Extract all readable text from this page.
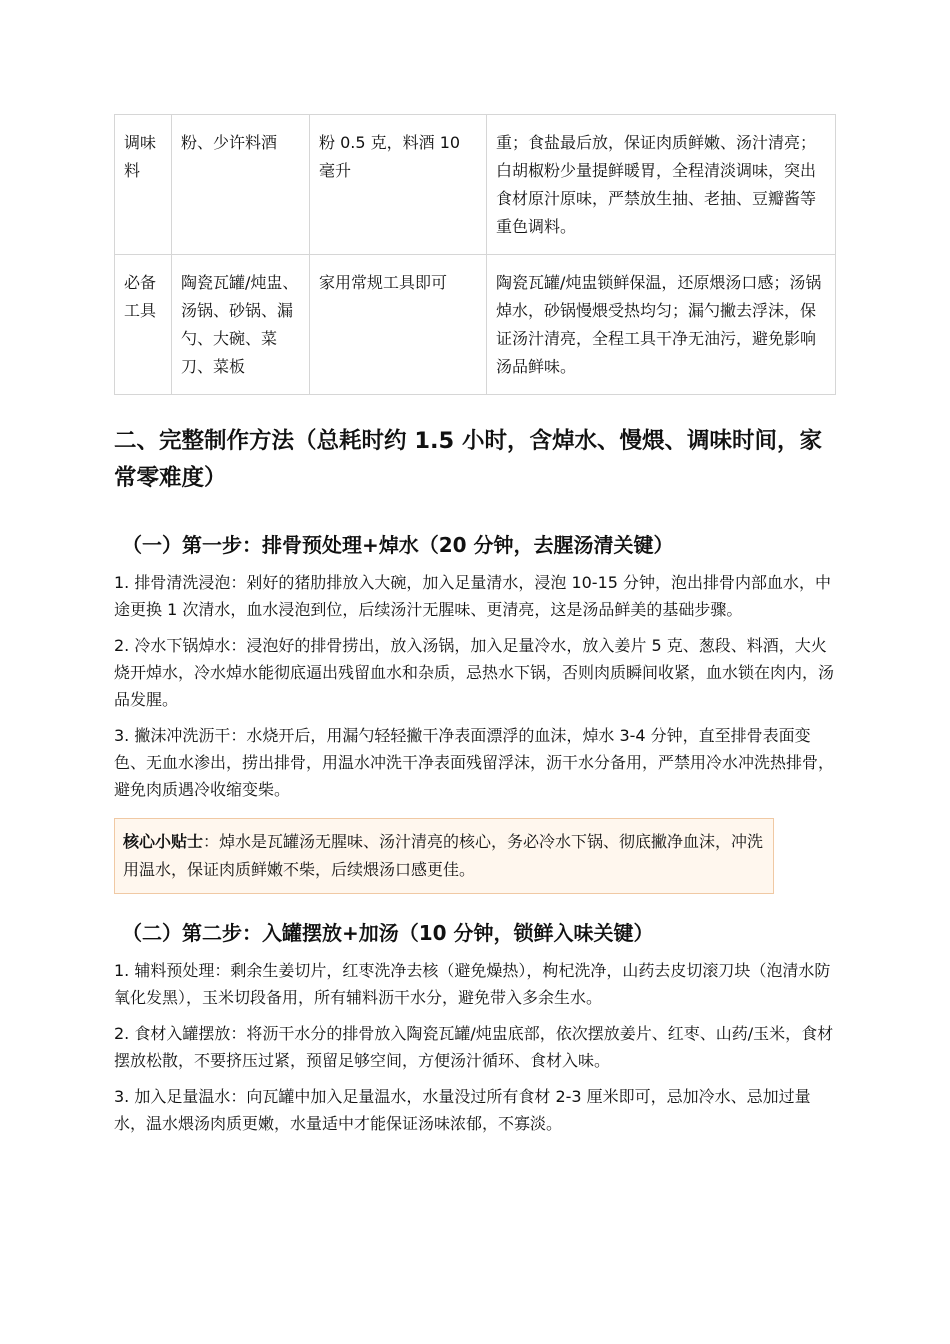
调味料	粉、少许料酒	粉 0.5 克，料酒 10 毫升	重；食盐最后放，保证肉质鲜嫩、汤汁清亮；白胡椒粉少量提鲜暖胃，全程清淡调味，突出食材原汁原味，严禁放生抽、老抽、豆瓣酱等重色调料。
必备工具	陶瓷瓦罐/炖盅、汤锅、砂锅、漏勺、大碗、菜刀、菜板	家用常规工具即可	陶瓷瓦罐/炖盅锁鲜保温，还原煨汤口感；汤锅焯水，砂锅慢煨受热均匀；漏勺撇去浮沫，保证汤汁清亮，全程工具干净无油污，避免影响汤品鲜味。
二、完整制作方法（总耗时约 1.5 小时，含焯水、慢煨、调味时间，家常零难度）
（一）第一步：排骨预处理+焯水（20 分钟，去腥汤清关键）

1. 排骨清洗浸泡：剁好的猪肋排放入大碗，加入足量清水，浸泡 10-15 分钟，泡出排骨内部血水，中途更换 1 次清水，血水浸泡到位，后续汤汁无腥味、更清亮，这是汤品鲜美的基础步骤。

2. 冷水下锅焯水：浸泡好的排骨捞出，放入汤锅，加入足量冷水，放入姜片 5 克、葱段、料酒，大火烧开焯水，冷水焯水能彻底逼出残留血水和杂质，忌热水下锅，否则肉质瞬间收紧，血水锁在肉内，汤品发腥。

3. 撇沫冲洗沥干：水烧开后，用漏勺轻轻撇干净表面漂浮的血沫，焯水 3-4 分钟，直至排骨表面变色、无血水渗出，捞出排骨，用温水冲洗干净表面残留浮沫，沥干水分备用，严禁用冷水冲洗热排骨，避免肉质遇冷收缩变柴。

核心小贴士：焯水是瓦罐汤无腥味、汤汁清亮的核心，务必冷水下锅、彻底撇净血沫，冲洗用温水，保证肉质鲜嫩不柴，后续煨汤口感更佳。
（二）第二步：入罐摆放+加汤（10 分钟，锁鲜入味关键）

1. 辅料预处理：剩余生姜切片，红枣洗净去核（避免燥热），枸杞洗净，山药去皮切滚刀块（泡清水防氧化发黑），玉米切段备用，所有辅料沥干水分，避免带入多余生水。

2. 食材入罐摆放：将沥干水分的排骨放入陶瓷瓦罐/炖盅底部，依次摆放姜片、红枣、山药/玉米，食材摆放松散，不要挤压过紧，预留足够空间，方便汤汁循环、食材入味。

3. 加入足量温水：向瓦罐中加入足量温水，水量没过所有食材 2-3 厘米即可，忌加冷水、忌加过量水，温水煨汤肉质更嫩，水量适中才能保证汤味浓郁，不寡淡。
